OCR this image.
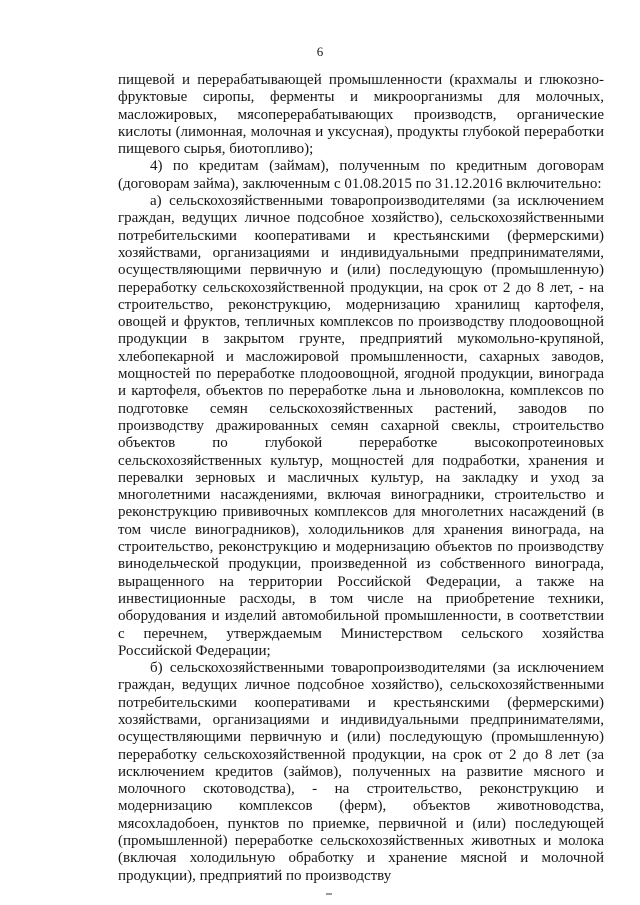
6

пищевой и перерабатывающей промышленности (крахмалы и глюкозно-фруктовые сиропы, ферменты и микроорганизмы для молочных, масложировых, мясоперерабатывающих производств, органические кислоты (лимонная, молочная и уксусная), продукты глубокой переработки пищевого сырья, биотопливо);

4) по кредитам (займам), полученным по кредитным договорам (договорам займа), заключенным с 01.08.2015 по 31.12.2016 включительно:

а) сельскохозяйственными товаропроизводителями (за исключением граждан, ведущих личное подсобное хозяйство), сельскохозяйственными потребительскими кооперативами и крестьянскими (фермерскими) хозяйствами, организациями и индивидуальными предпринимателями, осуществляющими первичную и (или) последующую (промышленную) переработку сельскохозяйственной продукции, на срок от 2 до 8 лет, - на строительство, реконструкцию, модернизацию хранилищ картофеля, овощей и фруктов, тепличных комплексов по производству плодоовощной продукции в закрытом грунте, предприятий мукомольно-крупяной, хлебопекарной и масложировой промышленности, сахарных заводов, мощностей по переработке плодоовощной, ягодной продукции, винограда и картофеля, объектов по переработке льна и льноволокна, комплексов по подготовке семян сельскохозяйственных растений, заводов по производству дражированных семян сахарной свеклы, строительство объектов по глубокой переработке высокопротеиновых сельскохозяйственных культур, мощностей для подработки, хранения и перевалки зерновых и масличных культур, на закладку и уход за многолетними насаждениями, включая виноградники, строительство и реконструкцию прививочных комплексов для многолетних насаждений (в том числе виноградников), холодильников для хранения винограда, на строительство, реконструкцию и модернизацию объектов по производству винодельческой продукции, произведенной из собственного винограда, выращенного на территории Российской Федерации, а также на инвестиционные расходы, в том числе на приобретение техники, оборудования и изделий автомобильной промышленности, в соответствии с перечнем, утверждаемым Министерством сельского хозяйства Российской Федерации;

б) сельскохозяйственными товаропроизводителями (за исключением граждан, ведущих личное подсобное хозяйство), сельскохозяйственными потребительскими кооперативами и крестьянскими (фермерскими) хозяйствами, организациями и индивидуальными предпринимателями, осуществляющими первичную и (или) последующую (промышленную) переработку сельскохозяйственной продукции, на срок от 2 до 8 лет (за исключением кредитов (займов), полученных на развитие мясного и молочного скотоводства), - на строительство, реконструкцию и модернизацию комплексов (ферм), объектов животноводства, мясохладобоен, пунктов по приемке, первичной и (или) последующей (промышленной) переработке сельскохозяйственных животных и молока (включая холодильную обработку и хранение мясной и молочной продукции), предприятий по производству
